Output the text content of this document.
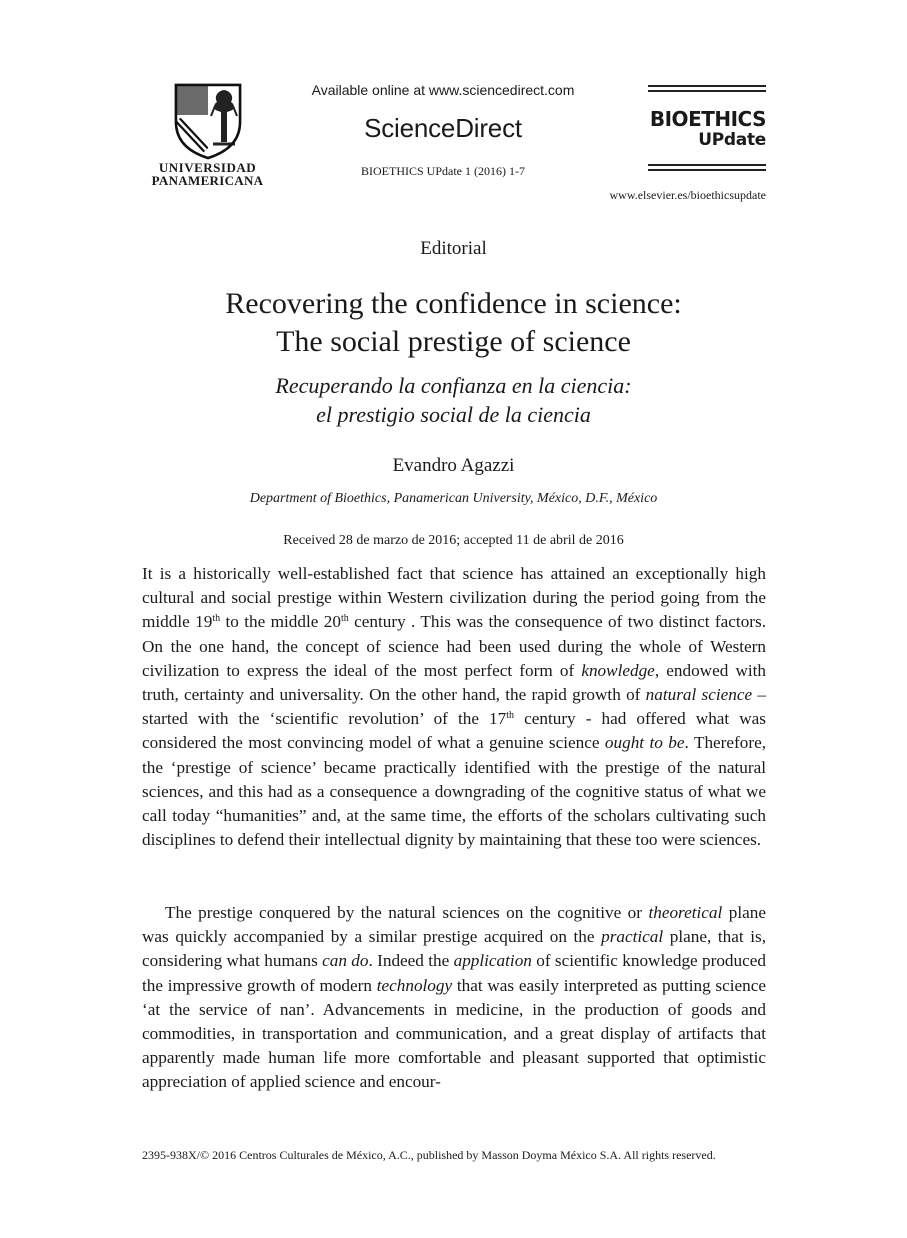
UNIVERSIDAD
PANAMERICANA
Available online at www.sciencedirect.com
ScienceDirect
BIOETHICS UPdate 1 (2016) 1-7
BIOETHICS
UPdate
www.elsevier.es/bioethicsupdate
Editorial
Recovering the confidence in science:
The social prestige of science
Recuperando la confianza en la ciencia:
el prestigio social de la ciencia
Evandro Agazzi
Department of Bioethics, Panamerican University, México, D.F., México
Received 28 de marzo de 2016; accepted 11 de abril de 2016

It is a historically well-established fact that science has attained an exceptionally high cultural and social prestige within Western civilization during the period going from the middle 19th to the middle 20th century . This was the consequence of two distinct factors. On the one hand, the concept of science had been used during the whole of Western civilization to express the ideal of the most perfect form of knowledge, endowed with truth, certainty and universality. On the other hand, the rapid growth of natural science – started with the ‘scientific revolution’ of the 17th century - had offered what was considered the most convincing model of what a genuine science ought to be. Therefore, the ‘prestige of science’ became practically identified with the prestige of the natural sciences, and this had as a consequence a downgrading of the cognitive status of what we call today “humanities” and, at the same time, the efforts of the scholars cultivating such disciplines to defend their intellectual dignity by maintaining that these too were sciences.

The prestige conquered by the natural sciences on the cognitive or theoretical plane was quickly accompanied by a similar prestige acquired on the practical plane, that is, considering what humans can do. Indeed the application of scientific knowledge produced the impressive growth of modern technology that was easily interpreted as putting science ‘at the service of nan’. Advancements in medicine, in the production of goods and commodities, in transportation and communication, and a great display of artifacts that apparently made human life more comfortable and pleasant supported that optimistic appreciation of applied science and encour-

2395-938X/© 2016 Centros Culturales de México, A.C., published by Masson Doyma México S.A. All rights reserved.
